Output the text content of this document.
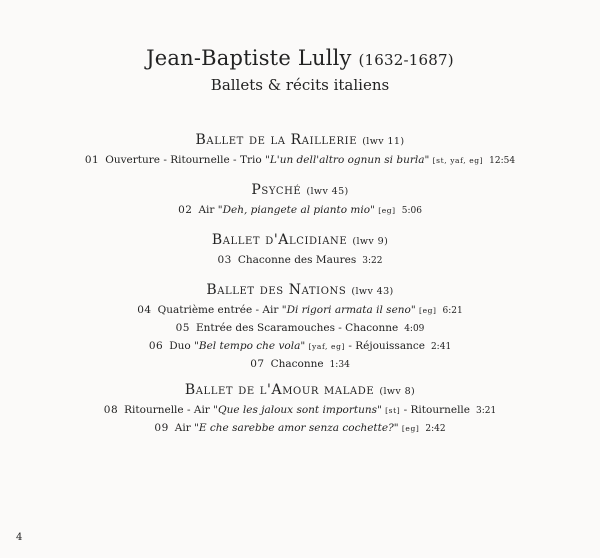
Jean-Baptiste Lully (1632-1687)
Ballets & récits italiens
Ballet de la Raillerie (lwv 11)
01 Ouverture - Ritournelle - Trio "L'un dell'altro ognun si burla" [st, yaf, eg] 12:54
Psyché (lwv 45)
02 Air "Deh, piangete al pianto mio" [eg] 5:06
Ballet d'Alcidiane (lwv 9)
03 Chaconne des Maures 3:22
Ballet des Nations (lwv 43)
04 Quatrième entrée - Air "Di rigori armata il seno" [eg] 6:21
05 Entrée des Scaramouches - Chaconne 4:09
06 Duo "Bel tempo che vola" [yaf, eg] - Réjouissance 2:41
07 Chaconne 1:34
Ballet de l'Amour malade (lwv 8)
08 Ritournelle - Air "Que les jaloux sont importuns" [st] - Ritournelle 3:21
09 Air "E che sarebbe amor senza cochette?" [eg] 2:42
4
